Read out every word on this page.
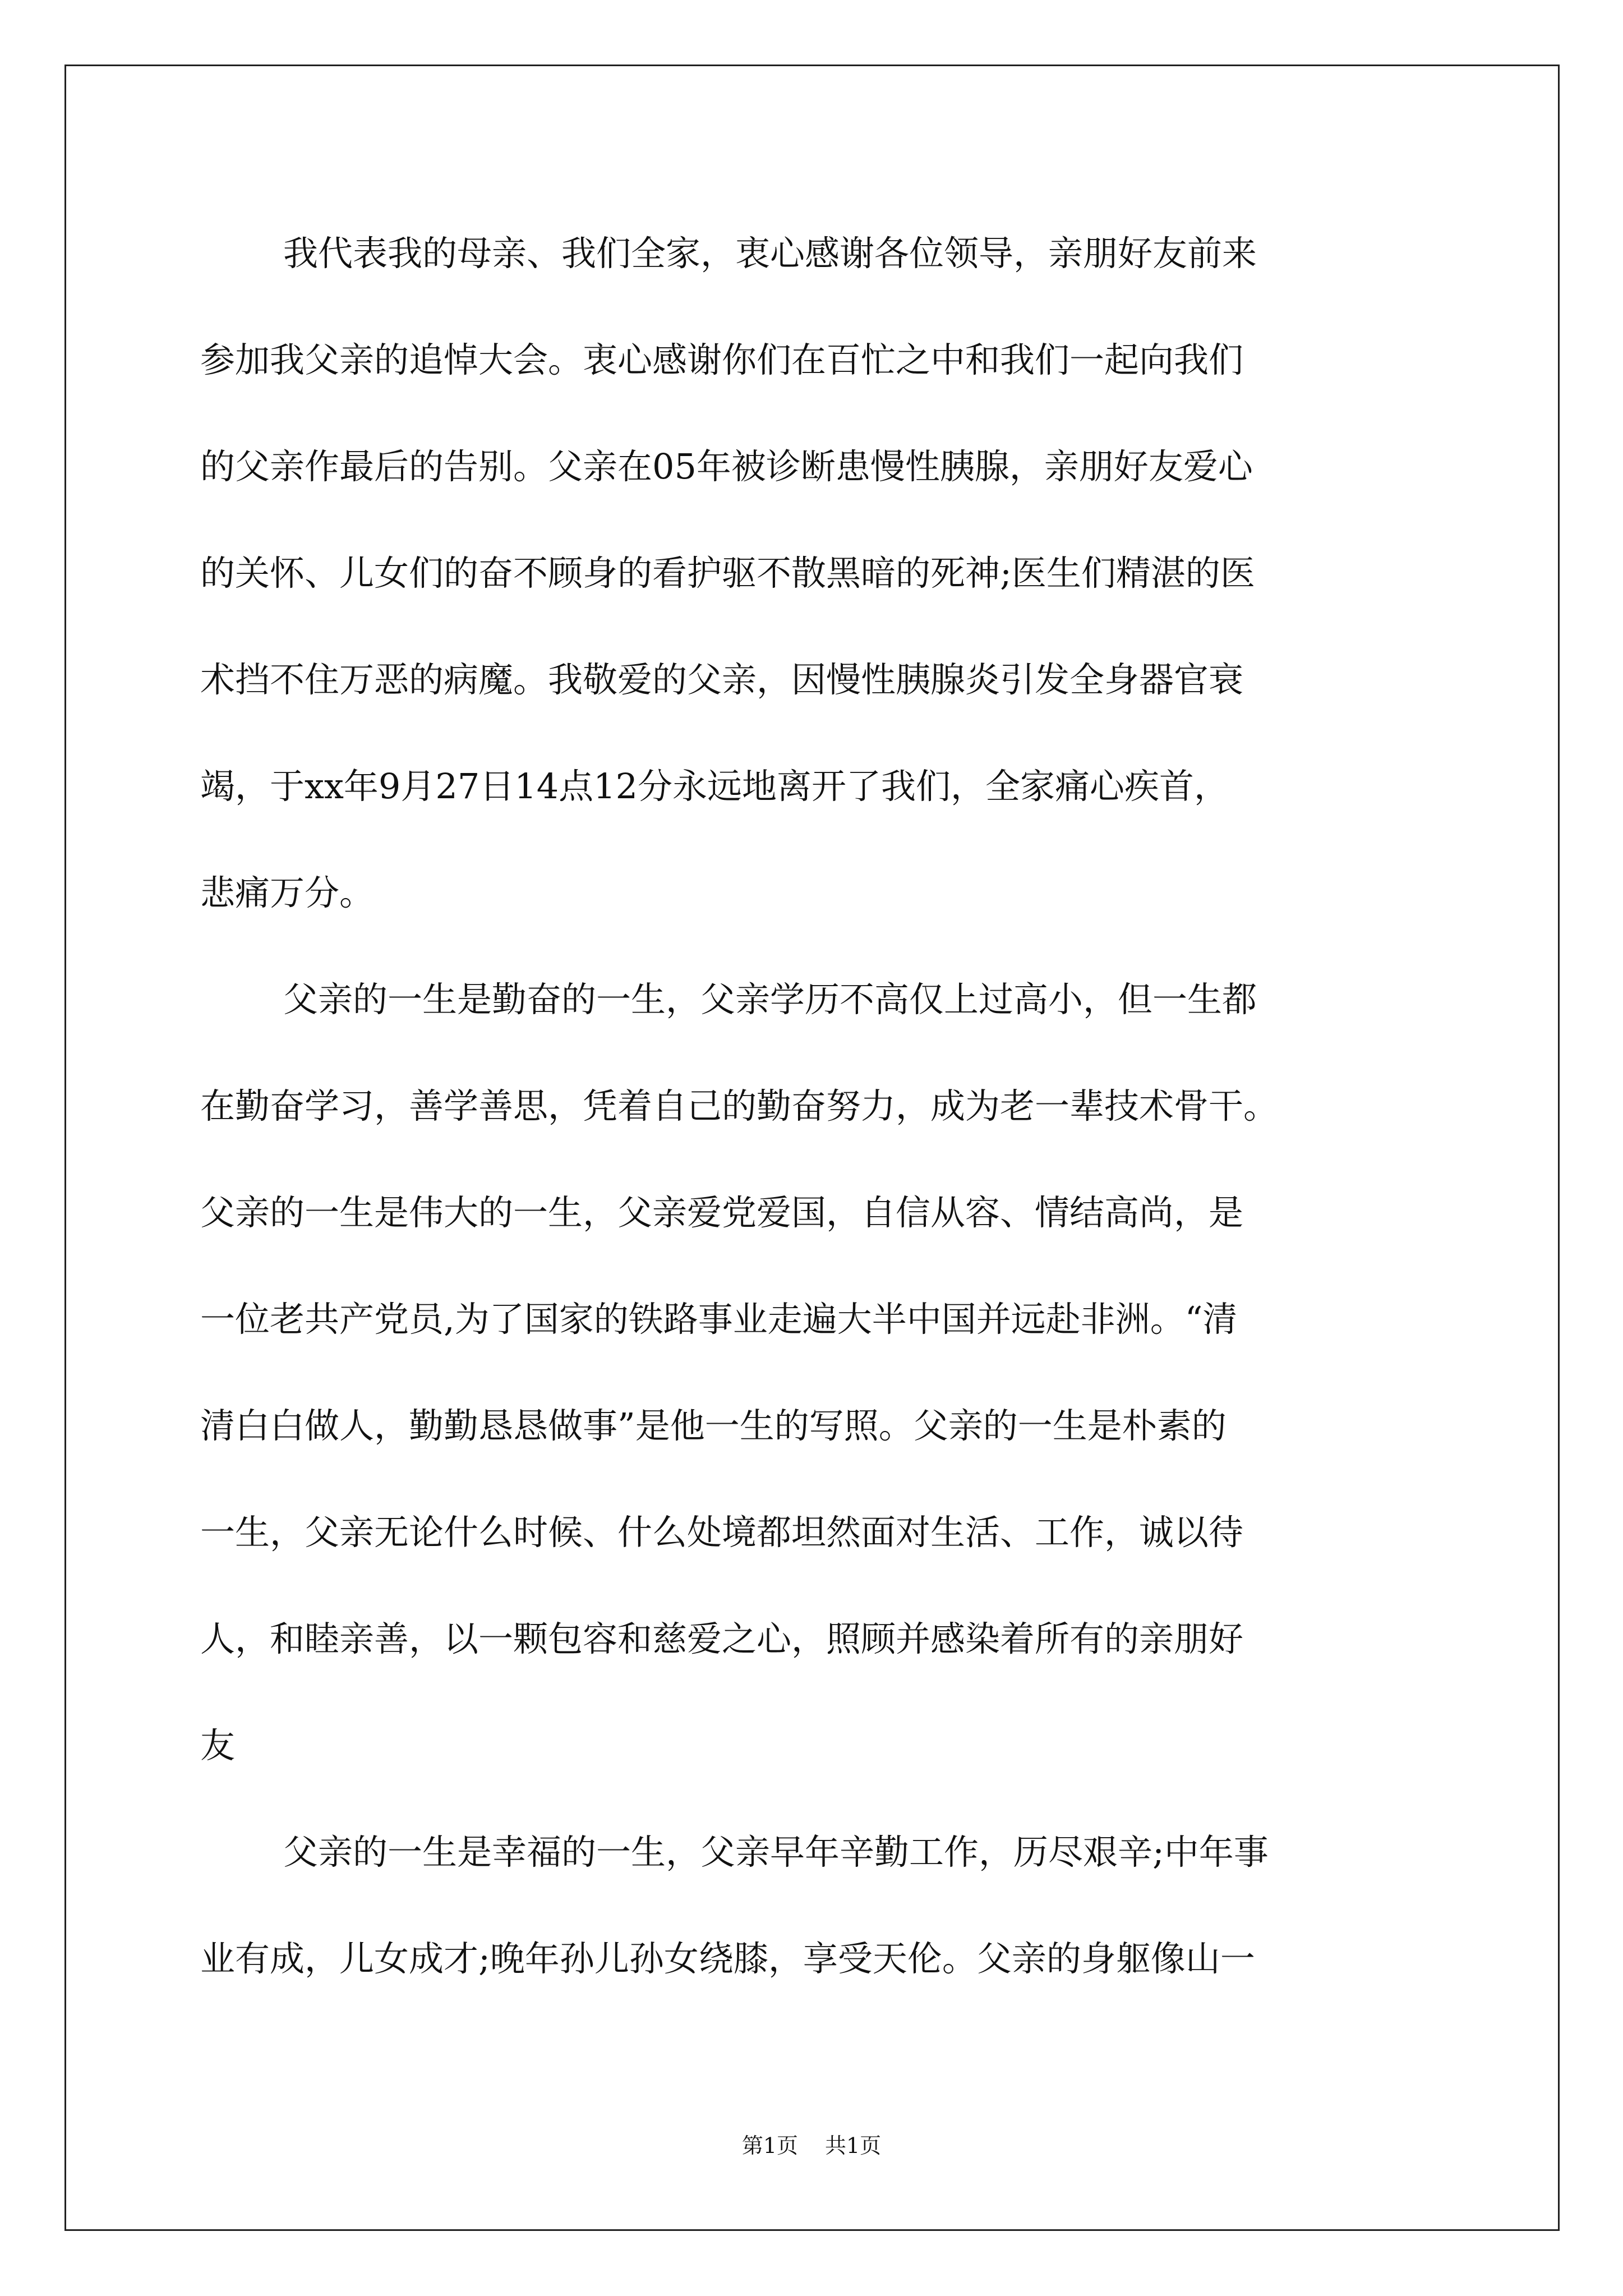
我代表我的母亲、我们全家，衷心感谢各位领导，亲朋好友前来
参加我父亲的追悼大会。衷心感谢你们在百忙之中和我们一起向我们
的父亲作最后的告别。父亲在05年被诊断患慢性胰腺，亲朋好友爱心
的关怀、儿女们的奋不顾身的看护驱不散黑暗的死神;医生们精湛的医
术挡不住万恶的病魔。我敬爱的父亲，因慢性胰腺炎引发全身器官衰
竭，于xx年9月27日14点12分永远地离开了我们，全家痛心疾首，
悲痛万分。
父亲的一生是勤奋的一生，父亲学历不高仅上过高小，但一生都
在勤奋学习，善学善思，凭着自己的勤奋努力，成为老一辈技术骨干。
父亲的一生是伟大的一生，父亲爱党爱国，自信从容、情结高尚，是
一位老共产党员,为了国家的铁路事业走遍大半中国并远赴非洲。“清
清白白做人，勤勤恳恳做事”是他一生的写照。父亲的一生是朴素的
一生，父亲无论什么时候、什么处境都坦然面对生活、工作，诚以待
人，和睦亲善，以一颗包容和慈爱之心，照顾并感染着所有的亲朋好
友
父亲的一生是幸福的一生，父亲早年辛勤工作，历尽艰辛;中年事
业有成，儿女成才;晚年孙儿孙女绕膝，享受天伦。父亲的身躯像山一
第1页 共1页
